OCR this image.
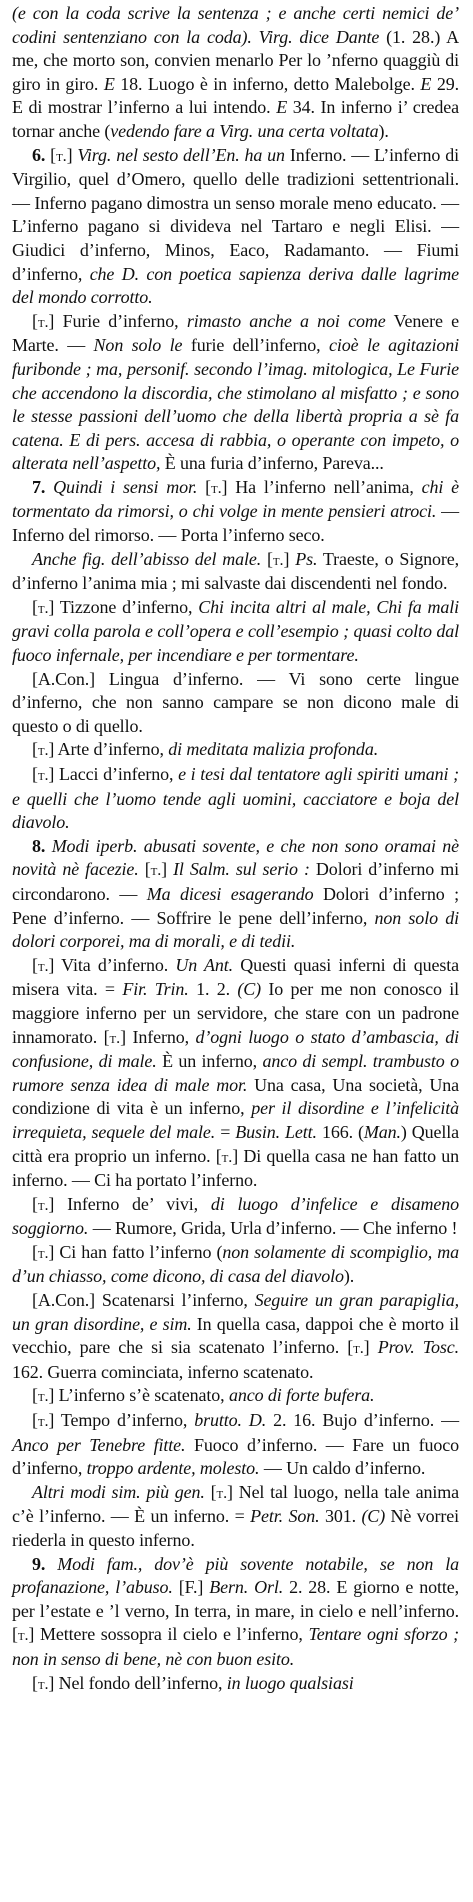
(e con la coda scrive la sentenza ; e anche certi nemici de’ codini sentenziano con la coda). Virg. dice Dante (1. 28.) A me, che morto son, convien menarlo Per lo ’nferno quaggiù di giro in giro. E 18. Luogo è in inferno, detto Malebolge. E 29. E di mostrar l’inferno a lui intendo. E 34. In inferno i’ credea tornar anche (vedendo fare a Virg. una certa voltata).

6. [t.] Virg. nel sesto dell’En. ha un Inferno. — L’inferno di Virgilio, quel d’Omero, quello delle tradizioni settentrionali. — Inferno pagano dimostra un senso morale meno educato. — L’inferno pagano si divideva nel Tartaro e negli Elisi. — Giudici d’inferno, Minos, Eaco, Radamanto. — Fiumi d’inferno, che D. con poetica sapienza deriva dalle lagrime del mondo corrotto.

[t.] Furie d’inferno, rimasto anche a noi come Venere e Marte. — Non solo le furie dell’inferno, cioè le agitazioni furibonde ; ma, personif. secondo l’imag. mitologica, Le Furie che accendono la discordia, che stimolano al misfatto ; e sono le stesse passioni dell’uomo che della libertà propria a sè fa catena. E di pers. accesa di rabbia, o operante con impeto, o alterata nell’aspetto, È una furia d’inferno, Pareva...

7. Quindi i sensi mor. [t.] Ha l’inferno nell’anima, chi è tormentato da rimorsi, o chi volge in mente pensieri atroci. — Inferno del rimorso. — Porta l’inferno seco.

Anche fig. dell’abisso del male. [t.] Ps. Traeste, o Signore, d’inferno l’anima mia ; mi salvaste dai discendenti nel fondo.

[t.] Tizzone d’inferno, Chi incita altri al male, Chi fa mali gravi colla parola e coll’opera e coll’esempio ; quasi colto dal fuoco infernale, per incendiare e per tormentare.

[A.Con.] Lingua d’inferno. — Vi sono certe lingue d’inferno, che non sanno campare se non dicono male di questo o di quello.

[t.] Arte d’inferno, di meditata malizia profonda.

[t.] Lacci d’inferno, e i tesi dal tentatore agli spiriti umani ; e quelli che l’uomo tende agli uomini, cacciatore e boja del diavolo.

8. Modi iperb. abusati sovente, e che non sono oramai nè novità nè facezie. [t.] Il Salm. sul serio : Dolori d’inferno mi circondarono. — Ma dicesi esagerando Dolori d’inferno ; Pene d’inferno. — Soffrire le pene dell’inferno, non solo di dolori corporei, ma di morali, e di tedii.

[t.] Vita d’inferno. Un Ant. Questi quasi inferni di questa misera vita. = Fir. Trin. 1. 2. (C) Io per me non conosco il maggiore inferno per un servidore, che stare con un padrone innamorato. [t.] Inferno, d’ogni luogo o stato d’ambascia, di confusione, di male. È un inferno, anco di sempl. trambusto o rumore senza idea di male mor. Una casa, Una società, Una condizione di vita è un inferno, per il disordine e l’infelicità irrequieta, sequele del male. = Busin. Lett. 166. (Man.) Quella città era proprio un inferno. [t.] Di quella casa ne han fatto un inferno. — Ci ha portato l’inferno.

[t.] Inferno de’ vivi, di luogo d’infelice e disameno soggiorno. — Rumore, Grida, Urla d’inferno. — Che inferno !

[t.] Ci han fatto l’inferno (non solamente di scompiglio, ma d’un chiasso, come dicono, di casa del diavolo).

[A.Con.] Scatenarsi l’inferno, Seguire un gran parapiglia, un gran disordine, e sim. In quella casa, dappoi che è morto il vecchio, pare che si sia scatenato l’inferno. [t.] Prov. Tosc. 162. Guerra cominciata, inferno scatenato.

[t.] L’inferno s’è scatenato, anco di forte bufera.

[t.] Tempo d’inferno, brutto. D. 2. 16. Bujo d’inferno. — Anco per Tenebre fitte. Fuoco d’inferno. — Fare un fuoco d’inferno, troppo ardente, molesto. — Un caldo d’inferno.

Altri modi sim. più gen. [t.] Nel tal luogo, nella tale anima c’è l’inferno. — È un inferno. = Petr. Son. 301. (C) Nè vorrei riederla in questo inferno.

9. Modi fam., dov’è più sovente notabile, se non la profanazione, l’abuso. [F.] Bern. Orl. 2. 28. E giorno e notte, per l’estate e ’l verno, In terra, in mare, in cielo e nell’inferno. [t.] Mettere sossopra il cielo e l’inferno, Tentare ogni sforzo ; non in senso di bene, nè con buon esito.

[t.] Nel fondo dell’inferno, in luogo qualsiasi
